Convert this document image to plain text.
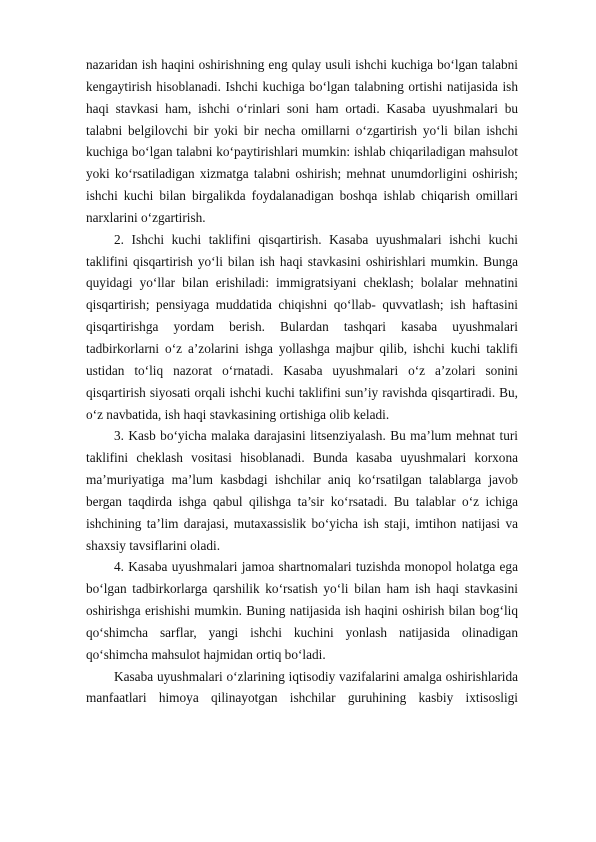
nazaridan ish haqini oshirishning eng qulay usuli ishchi kuchiga bo‘lgan talabni kengaytirish hisoblanadi. Ishchi kuchiga bo‘lgan talabning ortishi natijasida ish haqi stavkasi ham, ishchi o‘rinlari soni ham ortadi. Kasaba uyushmalari bu talabni belgilovchi bir yoki bir necha omillarni o‘zgartirish yo‘li bilan ishchi kuchiga bo‘lgan talabni ko‘paytirishlari mumkin: ishlab chiqariladigan mahsulot yoki ko‘rsatiladigan xizmatga talabni oshirish; mehnat unumdorligini oshirish; ishchi kuchi bilan birgalikda foydalanadigan boshqa ishlab chiqarish omillari narxlarini o‘zgartirish.

2. Ishchi kuchi taklifini qisqartirish. Kasaba uyushmalari ishchi kuchi taklifini qisqartirish yo‘li bilan ish haqi stavkasini oshirishlari mumkin. Bunga quyidagi yo‘llar bilan erishiladi: immigratsiyani cheklash; bolalar mehnatini qisqartirish; pensiyaga muddatida chiqishni qo‘llab- quvvatlash; ish haftasini qisqartirishga yordam berish. Bulardan tashqari kasaba uyushmalari tadbirkorlarni o‘z a’zolarini ishga yollashga majbur qilib, ishchi kuchi taklifi ustidan to‘liq nazorat o‘rnatadi. Kasaba uyushmalari o‘z a’zolari sonini qisqartirish siyosati orqali ishchi kuchi taklifini sun’iy ravishda qisqartiradi. Bu, o‘z navbatida, ish haqi stavkasining ortishiga olib keladi.

3. Kasb bo‘yicha malaka darajasini litsenziyalash. Bu ma’lum mehnat turi taklifini cheklash vositasi hisoblanadi. Bunda kasaba uyushmalari korxona ma’muriyatiga ma’lum kasbdagi ishchilar aniq ko‘rsatilgan talablarga javob bergan taqdirda ishga qabul qilishga ta’sir ko‘rsatadi. Bu talablar o‘z ichiga ishchining ta’lim darajasi, mutaxassislik bo‘yicha ish staji, imtihon natijasi va shaxsiy tavsiflarini oladi.

4. Kasaba uyushmalari jamoa shartnomalari tuzishda monopol holatga ega bo‘lgan tadbirkorlarga qarshilik ko‘rsatish yo‘li bilan ham ish haqi stavkasini oshirishga erishishi mumkin. Buning natijasida ish haqini oshirish bilan bog‘liq qo‘shimcha sarflar, yangi ishchi kuchini yonlash natijasida olinadigan qo‘shimcha mahsulot hajmidan ortiq bo‘ladi.

Kasaba uyushmalari o‘zlarining iqtisodiy vazifalarini amalga oshirishlarida manfaatlari himoya qilinayotgan ishchilar guruhining kasbiy ixtisosligi
